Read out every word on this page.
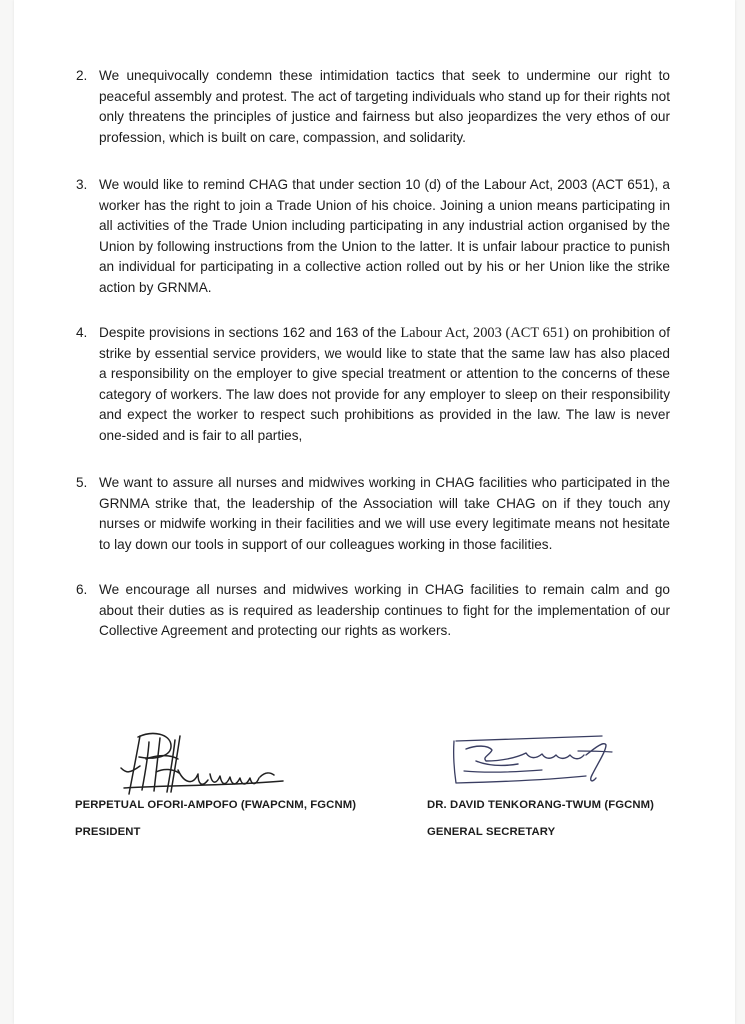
2. We unequivocally condemn these intimidation tactics that seek to undermine our right to peaceful assembly and protest. The act of targeting individuals who stand up for their rights not only threatens the principles of justice and fairness but also jeopardizes the very ethos of our profession, which is built on care, compassion, and solidarity.
3. We would like to remind CHAG that under section 10 (d) of the Labour Act, 2003 (ACT 651), a worker has the right to join a Trade Union of his choice. Joining a union means participating in all activities of the Trade Union including participating in any industrial action organised by the Union by following instructions from the Union to the latter. It is unfair labour practice to punish an individual for participating in a collective action rolled out by his or her Union like the strike action by GRNMA.
4. Despite provisions in sections 162 and 163 of the Labour Act, 2003 (ACT 651) on prohibition of strike by essential service providers, we would like to state that the same law has also placed a responsibility on the employer to give special treatment or attention to the concerns of these category of workers. The law does not provide for any employer to sleep on their responsibility and expect the worker to respect such prohibitions as provided in the law. The law is never one-sided and is fair to all parties,
5. We want to assure all nurses and midwives working in CHAG facilities who participated in the GRNMA strike that, the leadership of the Association will take CHAG on if they touch any nurses or midwife working in their facilities and we will use every legitimate means not hesitate to lay down our tools in support of our colleagues working in those facilities.
6. We encourage all nurses and midwives working in CHAG facilities to remain calm and go about their duties as is required as leadership continues to fight for the implementation of our Collective Agreement and protecting our rights as workers.
PERPETUAL OFORI-AMPOFO (FWAPCNM, FGCNM)
PRESIDENT
DR. DAVID TENKORANG-TWUM (FGCNM)
GENERAL SECRETARY
